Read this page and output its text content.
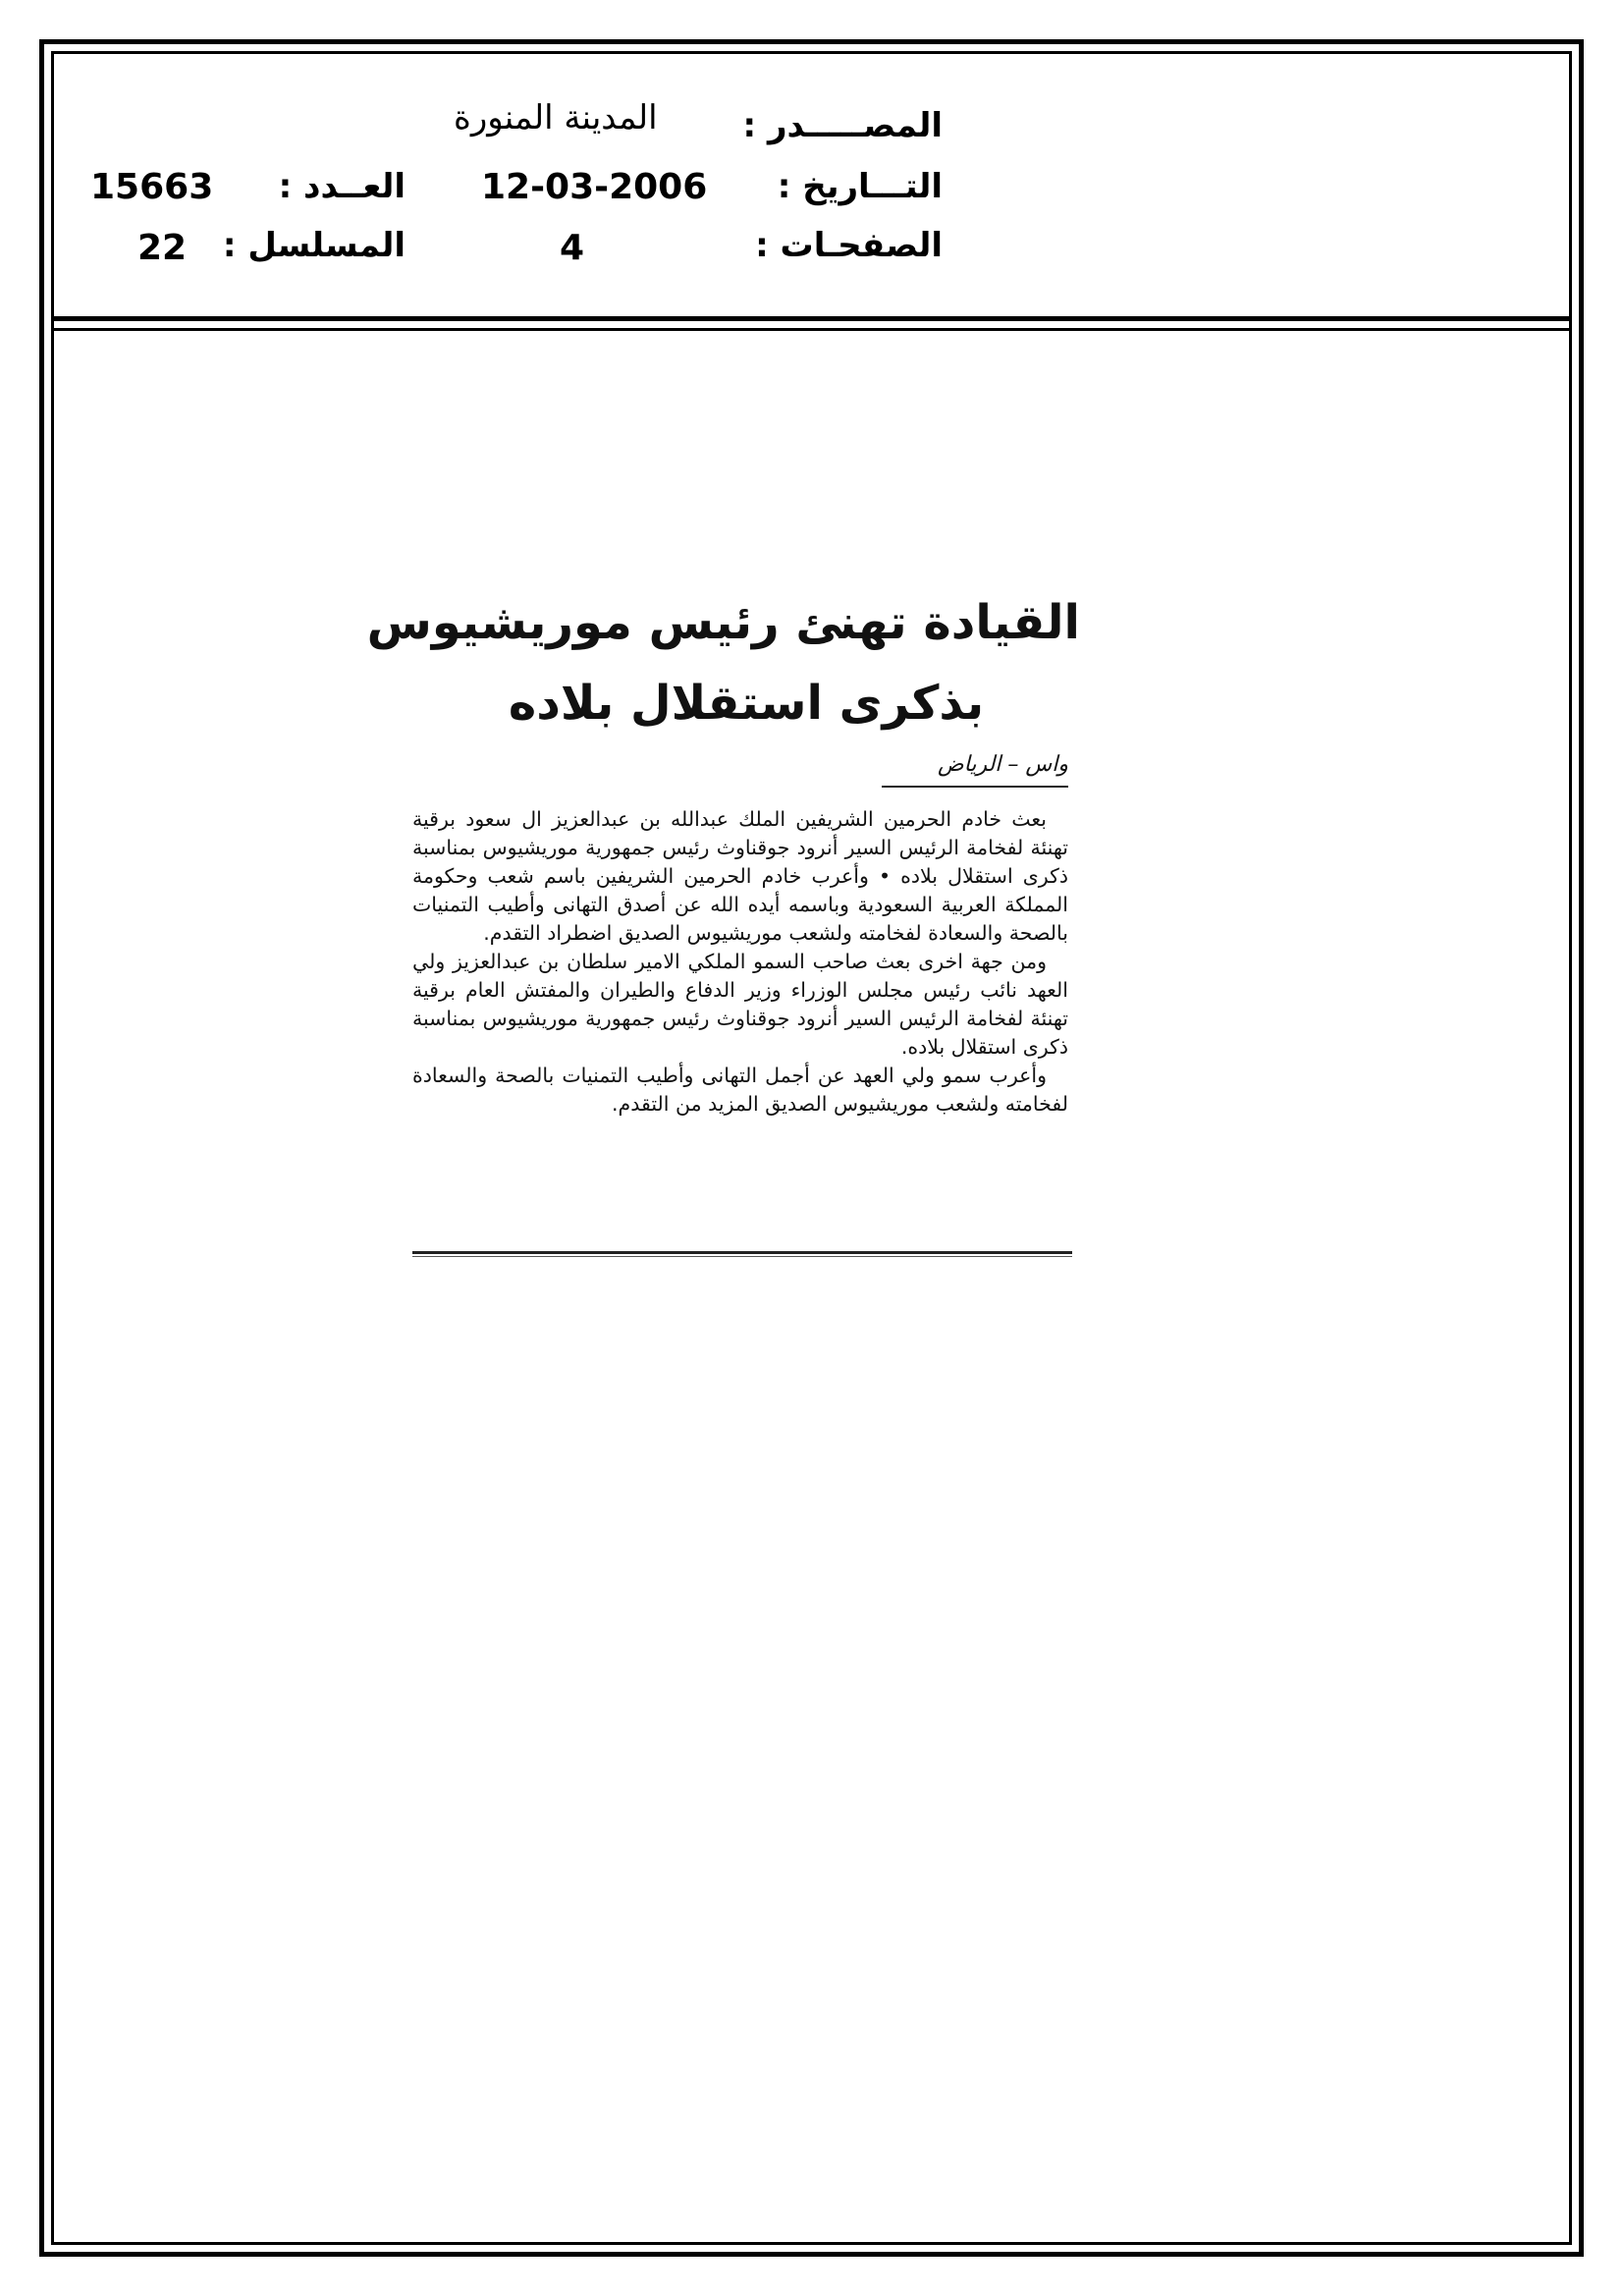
المصـــــدر :
المدينة المنورة
التـــاريخ :
12-03-2006
العــدد :
15663
الصفحـات :
4
المسلسل :
22
القيادة تهنئ رئيس موريشيوس
بذكرى استقلال بلاده
واس – الرياض

بعث خادم الحرمين الشريفين الملك عبدالله بن عبدالعزيز ال سعود برقية تهنئة لفخامة الرئيس السير أنرود جوقناوث رئيس جمهورية موريشيوس بمناسبة ذكرى استقلال بلاده • وأعرب خادم الحرمين الشريفين باسم شعب وحكومة المملكة العربية السعودية وباسمه أيده الله عن أصدق التهانى وأطيب التمنيات بالصحة والسعادة لفخامته ولشعب موريشيوس الصديق اضطراد التقدم.

ومن جهة اخرى بعث صاحب السمو الملكي الامير سلطان بن عبدالعزيز ولي العهد نائب رئيس مجلس الوزراء وزير الدفاع والطيران والمفتش العام برقية تهنئة لفخامة الرئيس السير أنرود جوقناوث رئيس جمهورية موريشيوس بمناسبة ذكرى استقلال بلاده.

وأعرب سمو ولي العهد عن أجمل التهانى وأطيب التمنيات بالصحة والسعادة لفخامته ولشعب موريشيوس الصديق المزيد من التقدم.
